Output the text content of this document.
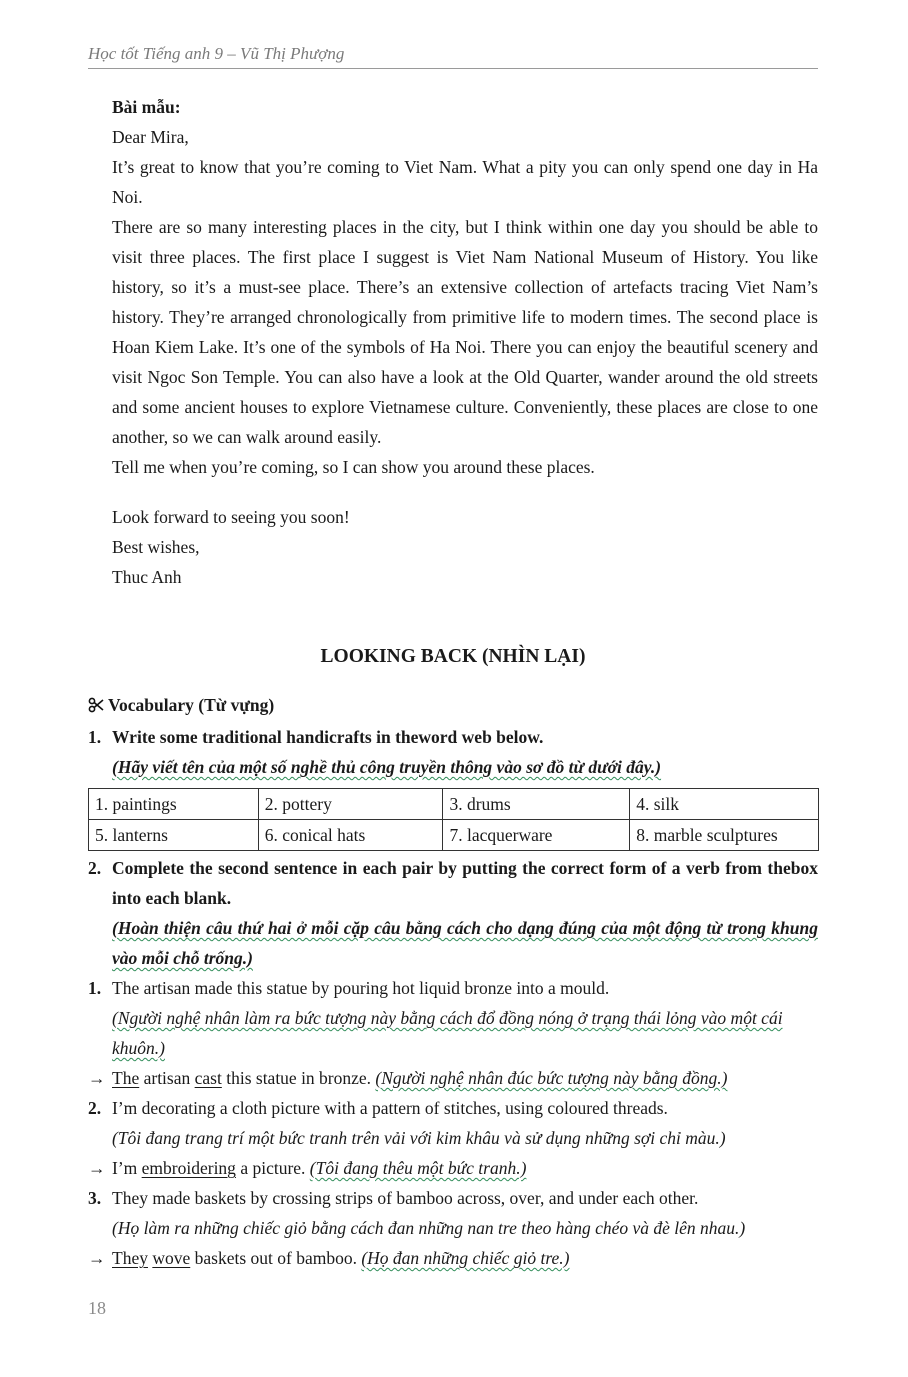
Học tốt Tiếng anh 9 – Vũ Thị Phượng

Bài mẫu:

Dear Mira,

It’s great to know that you’re coming to Viet Nam. What a pity you can only spend one day in Ha Noi.

There are so many interesting places in the city, but I think within one day you should be able to visit three places. The first place I suggest is Viet Nam National Museum of History. You like history, so it’s a must-see place. There’s an extensive collection of artefacts tracing Viet Nam’s history. They’re arranged chronologically from primitive life to modern times. The second place is Hoan Kiem Lake. It’s one of the symbols of Ha Noi. There you can enjoy the beautiful scenery and visit Ngoc Son Temple. You can also have a look at the Old Quarter, wander around the old streets and some ancient houses to explore Vietnamese culture. Conveniently, these places are close to one another, so we can walk around easily.

Tell me when you’re coming, so I can show you around these places.

Look forward to seeing you soon!

Best wishes,

Thuc Anh

LOOKING BACK (NHÌN LẠI)
Vocabulary (Từ vựng)
1. Write some traditional handicrafts in theword web below.
(Hãy viết tên của một số nghề thủ công truyền thông vào sơ đồ từ dưới đây.)
1. paintings	2. pottery	3. drums	4. silk
5. lanterns	6. conical hats	7. lacquerware	8. marble sculptures
2. Complete the second sentence in each pair by putting the correct form of a verb from thebox into each blank.
(Hoàn thiện câu thứ hai ở mỗi cặp câu bằng cách cho dạng đúng của một động từ trong khung vào mỗi chỗ trống.)
1. The artisan made this statue by pouring hot liquid bronze into a mould.
(Người nghệ nhân làm ra bức tượng này bằng cách đổ đồng nóng ở trạng thái lỏng vào một cái khuôn.)
→ The artisan cast this statue in bronze. (Người nghệ nhân đúc bức tượng này bằng đồng.)
2. I’m decorating a cloth picture with a pattern of stitches, using coloured threads.
(Tôi đang trang trí một bức tranh trên vải với kim khâu và sử dụng những sợi chỉ màu.)
→ I’m embroidering a picture. (Tôi đang thêu một bức tranh.)
3. They made baskets by crossing strips of bamboo across, over, and under each other.
(Họ làm ra những chiếc giỏ bằng cách đan những nan tre theo hàng chéo và đè lên nhau.)
→ They wove baskets out of bamboo. (Họ đan những chiếc giỏ tre.)
18
